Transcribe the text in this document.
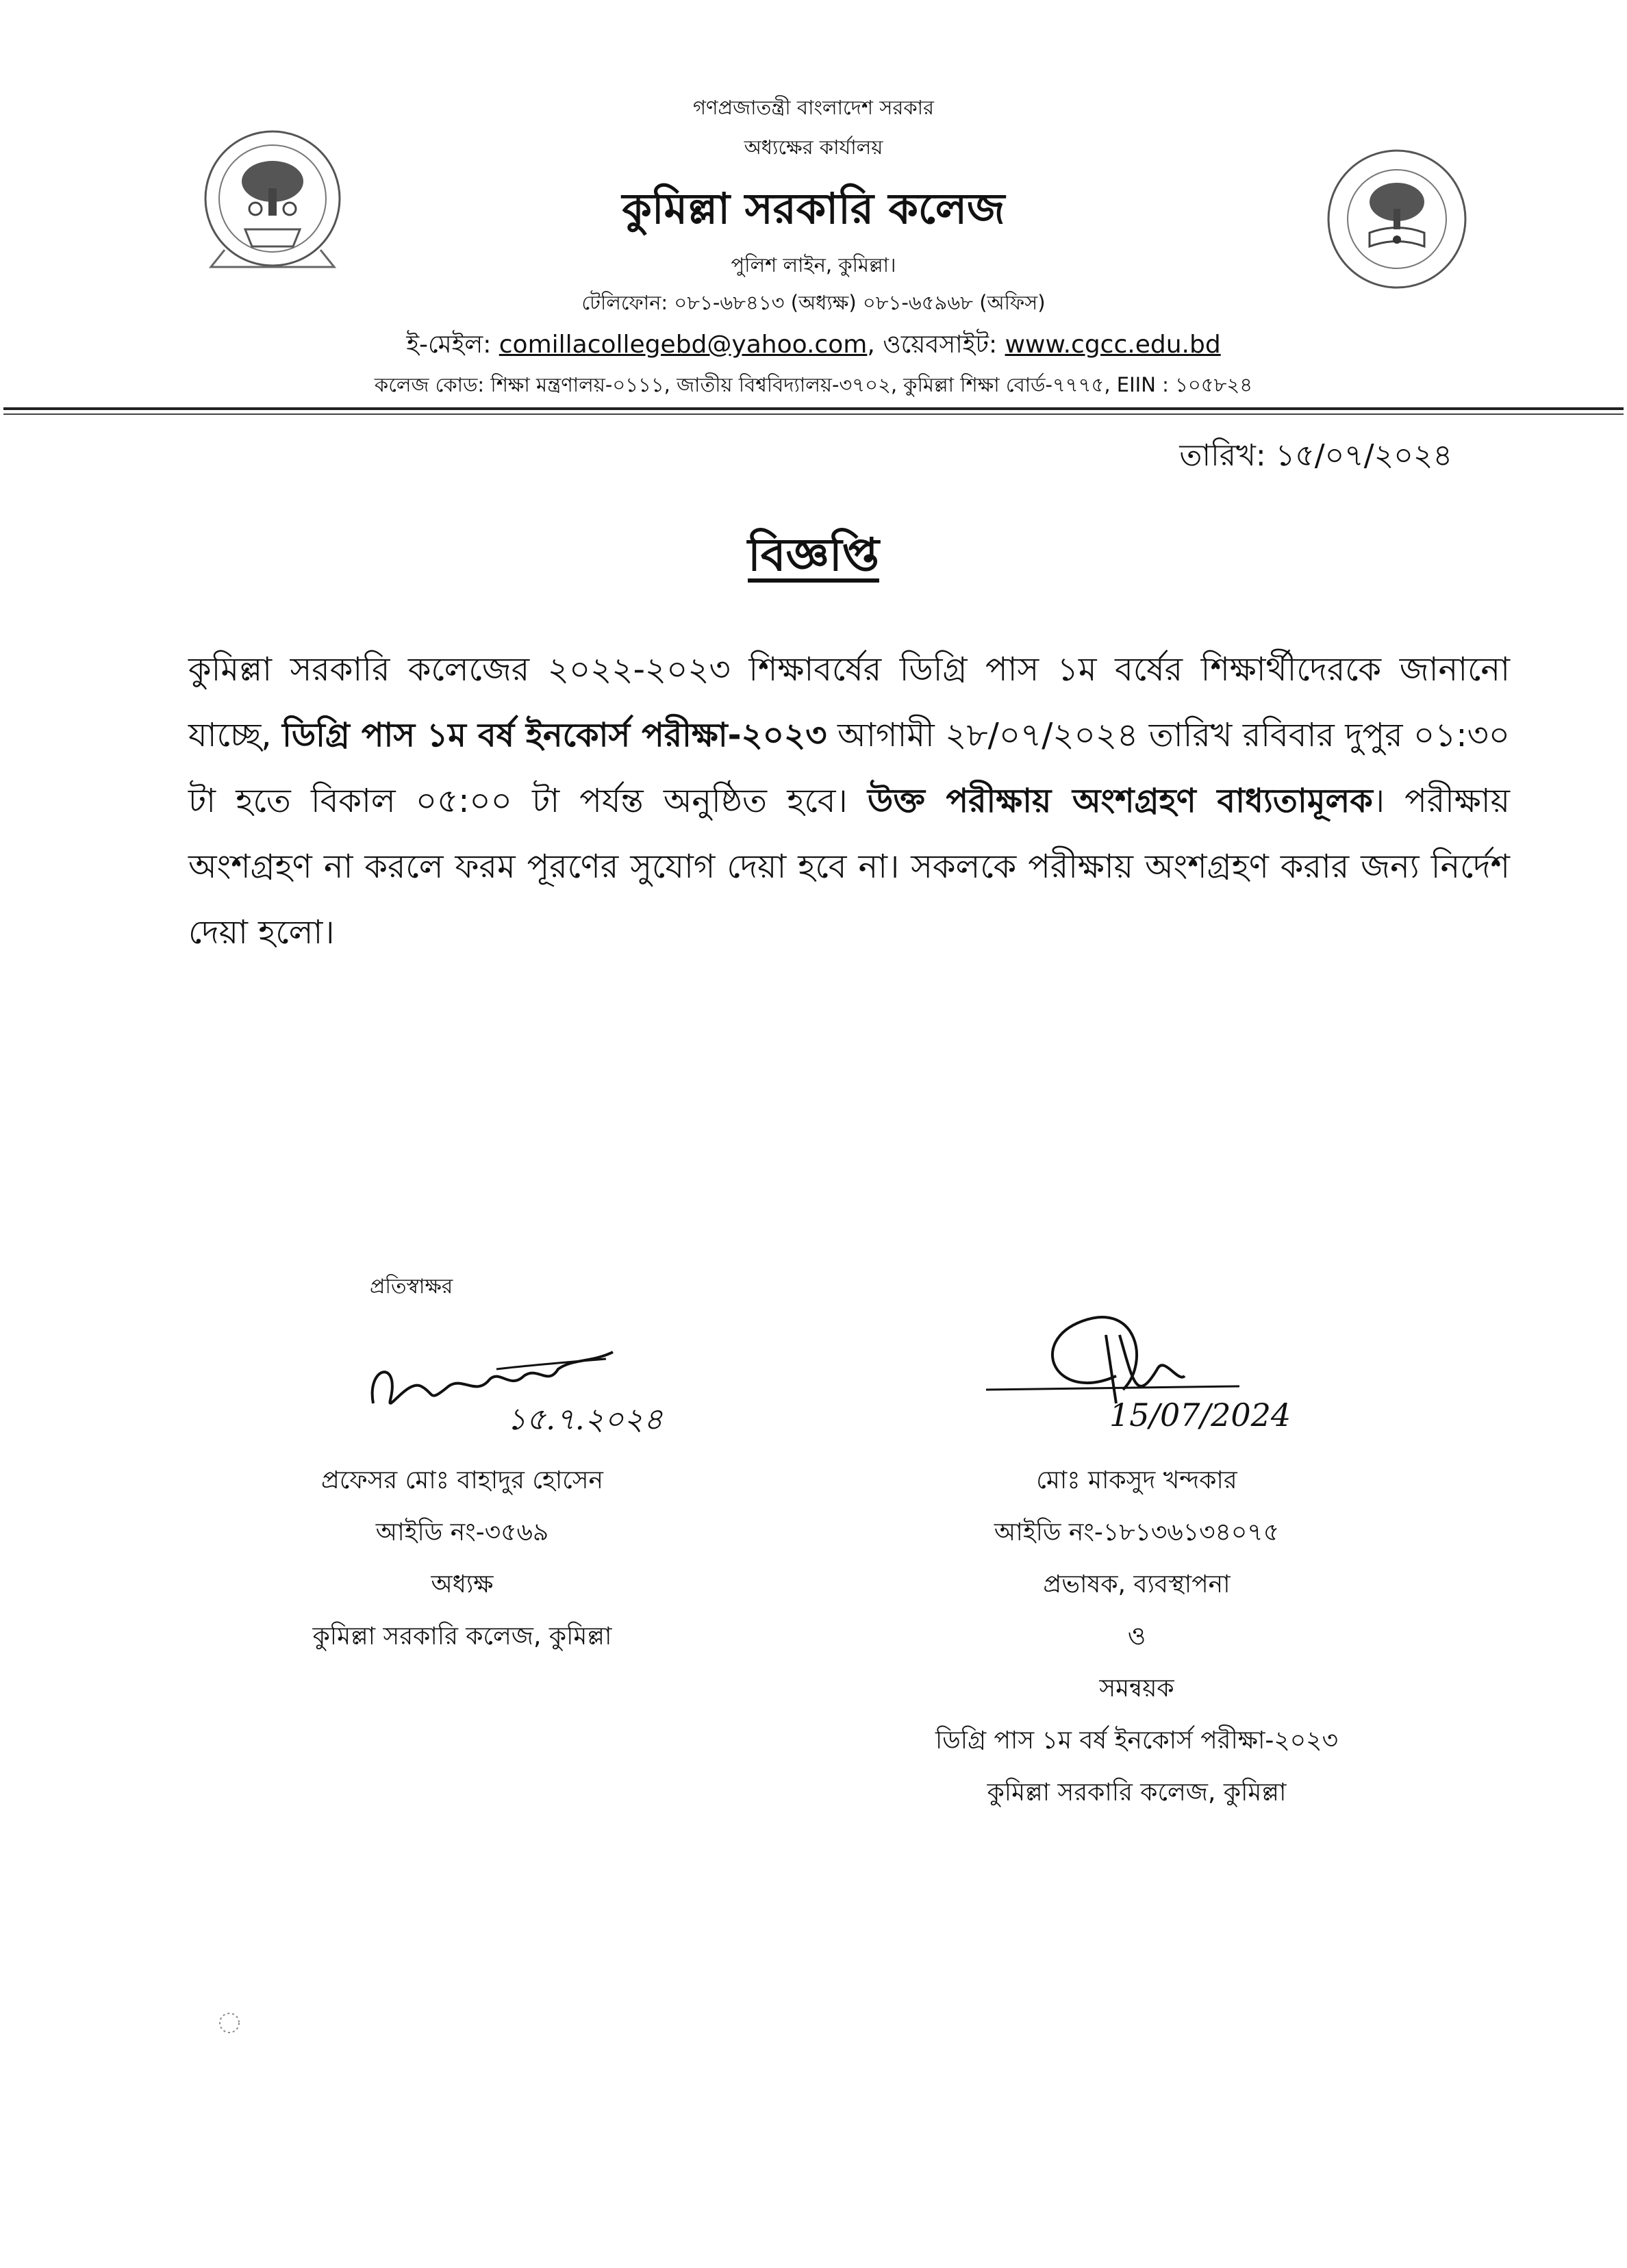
গণপ্রজাতন্ত্রী বাংলাদেশ সরকার
অধ্যক্ষের কার্যালয়
কুমিল্লা সরকারি কলেজ
পুলিশ লাইন, কুমিল্লা।
টেলিফোন: ০৮১-৬৮৪১৩ (অধ্যক্ষ) ০৮১-৬৫৯৬৮ (অফিস)
ই-মেইল: comillacollegebd@yahoo.com, ওয়েবসাইট: www.cgcc.edu.bd
কলেজ কোড: শিক্ষা মন্ত্রণালয়-০১১১, জাতীয় বিশ্ববিদ্যালয়-৩৭০২, কুমিল্লা শিক্ষা বোর্ড-৭৭৭৫, EIIN : ১০৫৮২৪
তারিখ: ১৫/০৭/২০২৪
বিজ্ঞপ্তি
কুমিল্লা সরকারি কলেজের ২০২২-২০২৩ শিক্ষাবর্ষের ডিগ্রি পাস ১ম বর্ষের শিক্ষার্থীদেরকে জানানো যাচ্ছে, ডিগ্রি পাস ১ম বর্ষ ইনকোর্স পরীক্ষা-২০২৩ আগামী ২৮/০৭/২০২৪ তারিখ রবিবার দুপুর ০১:৩০ টা হতে বিকাল ০৫:০০ টা পর্যন্ত অনুষ্ঠিত হবে। উক্ত পরীক্ষায় অংশগ্রহণ বাধ্যতামূলক। পরীক্ষায় অংশগ্রহণ না করলে ফরম পূরণের সুযোগ দেয়া হবে না। সকলকে পরীক্ষায় অংশগ্রহণ করার জন্য নির্দেশ দেয়া হলো।
প্রতিস্বাক্ষর
১৫.৭.২০২৪	15/07/2024
প্রফেসর মোঃ বাহাদুর হোসেন
আইডি নং-৩৫৬৯
অধ্যক্ষ
কুমিল্লা সরকারি কলেজ, কুমিল্লা
মোঃ মাকসুদ খন্দকার
আইডি নং-১৮১৩৬১৩৪০৭৫
প্রভাষক, ব্যবস্থাপনা
ও
সমন্বয়ক
ডিগ্রি পাস ১ম বর্ষ ইনকোর্স পরীক্ষা-২০২৩
কুমিল্লা সরকারি কলেজ, কুমিল্লা
